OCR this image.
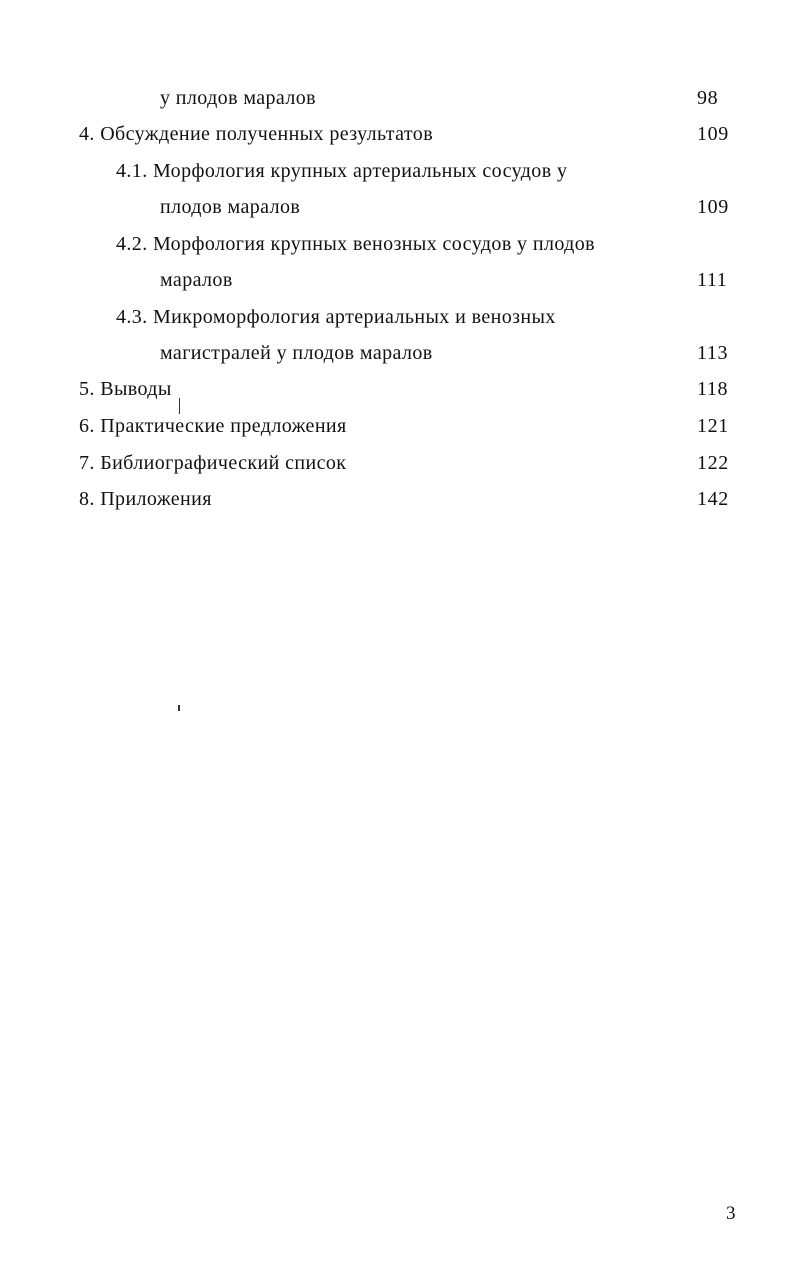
у плодов маралов	98
4. Обсуждение полученных результатов	109
4.1. Морфология крупных артериальных сосудов у
плодов маралов	109
4.2. Морфология крупных венозных сосудов у плодов
маралов	111
4.3. Микроморфология артериальных и венозных
магистралей у плодов маралов	113
5. Выводы	118
6. Практические предложения	121
7. Библиографический список	122
8. Приложения	142
3
